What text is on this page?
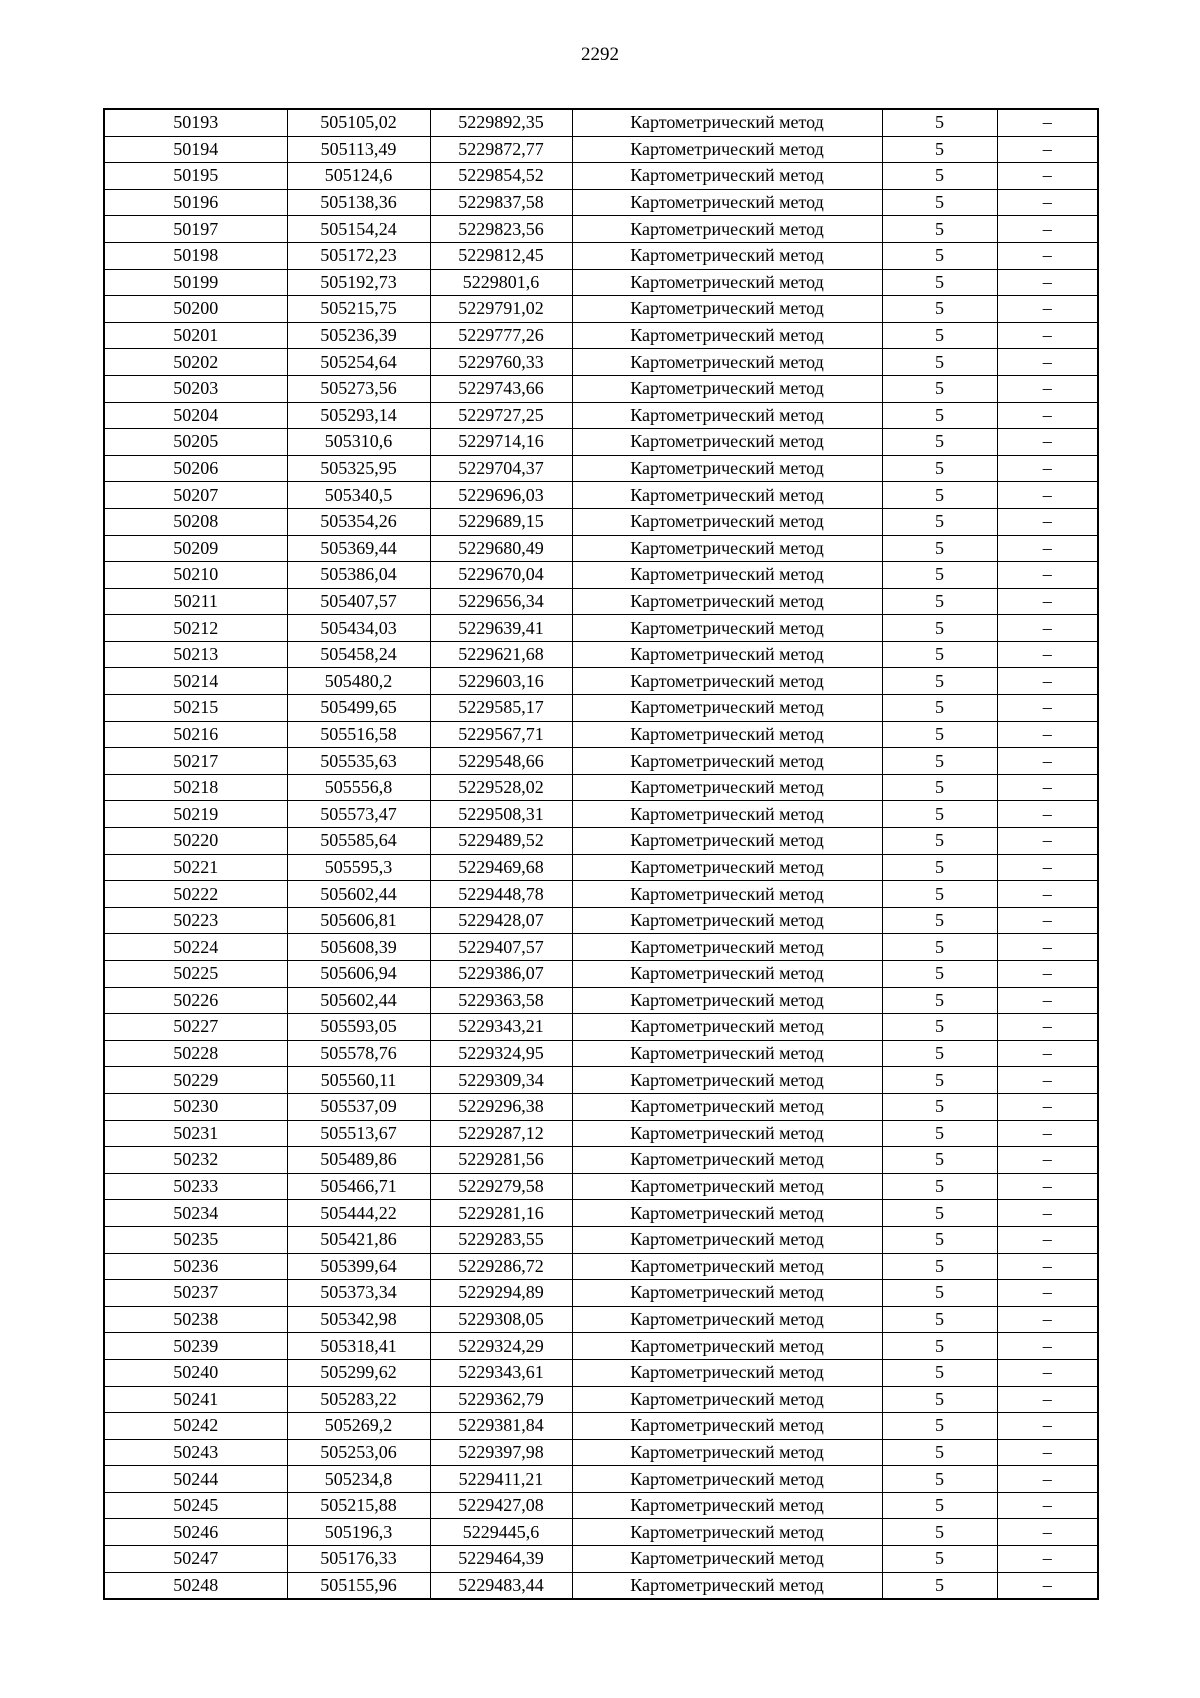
2292
50193	505105,02	5229892,35	Картометрический метод	5	–
50194	505113,49	5229872,77	Картометрический метод	5	–
50195	505124,6	5229854,52	Картометрический метод	5	–
50196	505138,36	5229837,58	Картометрический метод	5	–
50197	505154,24	5229823,56	Картометрический метод	5	–
50198	505172,23	5229812,45	Картометрический метод	5	–
50199	505192,73	5229801,6	Картометрический метод	5	–
50200	505215,75	5229791,02	Картометрический метод	5	–
50201	505236,39	5229777,26	Картометрический метод	5	–
50202	505254,64	5229760,33	Картометрический метод	5	–
50203	505273,56	5229743,66	Картометрический метод	5	–
50204	505293,14	5229727,25	Картометрический метод	5	–
50205	505310,6	5229714,16	Картометрический метод	5	–
50206	505325,95	5229704,37	Картометрический метод	5	–
50207	505340,5	5229696,03	Картометрический метод	5	–
50208	505354,26	5229689,15	Картометрический метод	5	–
50209	505369,44	5229680,49	Картометрический метод	5	–
50210	505386,04	5229670,04	Картометрический метод	5	–
50211	505407,57	5229656,34	Картометрический метод	5	–
50212	505434,03	5229639,41	Картометрический метод	5	–
50213	505458,24	5229621,68	Картометрический метод	5	–
50214	505480,2	5229603,16	Картометрический метод	5	–
50215	505499,65	5229585,17	Картометрический метод	5	–
50216	505516,58	5229567,71	Картометрический метод	5	–
50217	505535,63	5229548,66	Картометрический метод	5	–
50218	505556,8	5229528,02	Картометрический метод	5	–
50219	505573,47	5229508,31	Картометрический метод	5	–
50220	505585,64	5229489,52	Картометрический метод	5	–
50221	505595,3	5229469,68	Картометрический метод	5	–
50222	505602,44	5229448,78	Картометрический метод	5	–
50223	505606,81	5229428,07	Картометрический метод	5	–
50224	505608,39	5229407,57	Картометрический метод	5	–
50225	505606,94	5229386,07	Картометрический метод	5	–
50226	505602,44	5229363,58	Картометрический метод	5	–
50227	505593,05	5229343,21	Картометрический метод	5	–
50228	505578,76	5229324,95	Картометрический метод	5	–
50229	505560,11	5229309,34	Картометрический метод	5	–
50230	505537,09	5229296,38	Картометрический метод	5	–
50231	505513,67	5229287,12	Картометрический метод	5	–
50232	505489,86	5229281,56	Картометрический метод	5	–
50233	505466,71	5229279,58	Картометрический метод	5	–
50234	505444,22	5229281,16	Картометрический метод	5	–
50235	505421,86	5229283,55	Картометрический метод	5	–
50236	505399,64	5229286,72	Картометрический метод	5	–
50237	505373,34	5229294,89	Картометрический метод	5	–
50238	505342,98	5229308,05	Картометрический метод	5	–
50239	505318,41	5229324,29	Картометрический метод	5	–
50240	505299,62	5229343,61	Картометрический метод	5	–
50241	505283,22	5229362,79	Картометрический метод	5	–
50242	505269,2	5229381,84	Картометрический метод	5	–
50243	505253,06	5229397,98	Картометрический метод	5	–
50244	505234,8	5229411,21	Картометрический метод	5	–
50245	505215,88	5229427,08	Картометрический метод	5	–
50246	505196,3	5229445,6	Картометрический метод	5	–
50247	505176,33	5229464,39	Картометрический метод	5	–
50248	505155,96	5229483,44	Картометрический метод	5	–
